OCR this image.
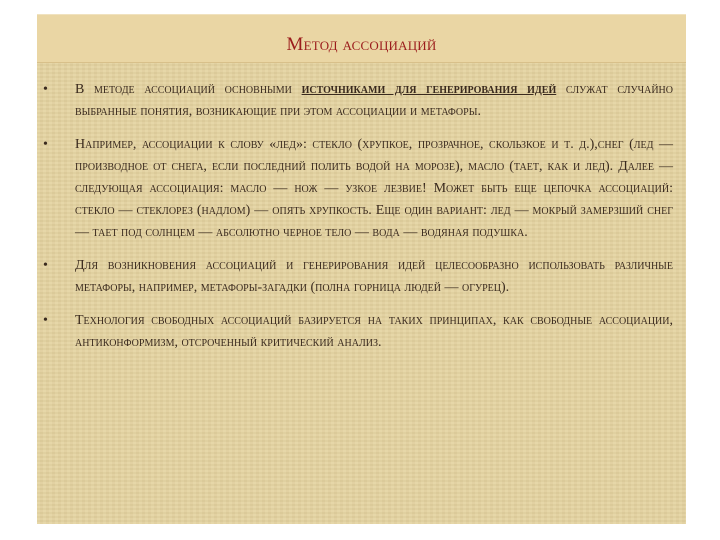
Метод ассоциаций

• В методе ассоциаций основными источниками для генерирования идей служат случайно выбранные понятия, возникающие при этом ассоциации и метафоры.

• Например, ассоциации к слову «лед»: стекло (хрупкое, прозрачное, скользкое и т. д.),снег (лед — производное от снега, если последний полить водой на морозе), масло (тает, как и лед). Далее — следующая ассоциация: масло — нож — узкое лезвие! Может быть еще цепочка ассоциаций: стекло — стеклорез (надлом) — опять хрупкость. Еще один вариант: лед — мокрый замерзший снег — тает под солнцем — абсолютно черное тело — вода — водяная подушка.

• Для возникновения ассоциаций и генерирования идей целесообразно использовать различные метафоры, например, метафоры-загадки (полна горница людей — огурец).

• Технология свободных ассоциаций базируется на таких принципах, как свободные ассоциации, антиконформизм, отсроченный критический анализ.
